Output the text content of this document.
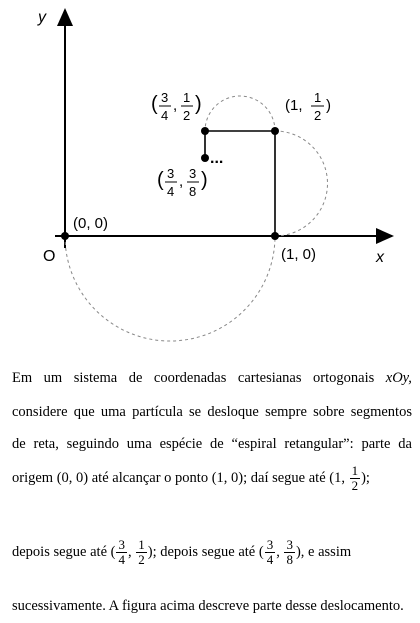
y
x
O
(0, 0)
(1, 0)
...
(1, 1
2
)
( 3
4
, 1
2
)
( 3
4
, 3
8
)
Em um sistema de coordenadas cartesianas ortogonais xOy,
considere que uma partícula se desloque sempre sobre segmentos
de reta, seguindo uma espécie de “espiral retangular”: parte da
origem (0, 0) até alcançar o ponto (1, 0); daí segue até (1, $\frac{1}{2}$ );
depois segue até ( $\frac{3}{4}$ , $\frac{1}{2}$ ); depois segue até ( $\frac{3}{4}$ , $\frac{3}{8}$ ), e assim
sucessivamente. A figura acima descreve parte desse deslocamento.
